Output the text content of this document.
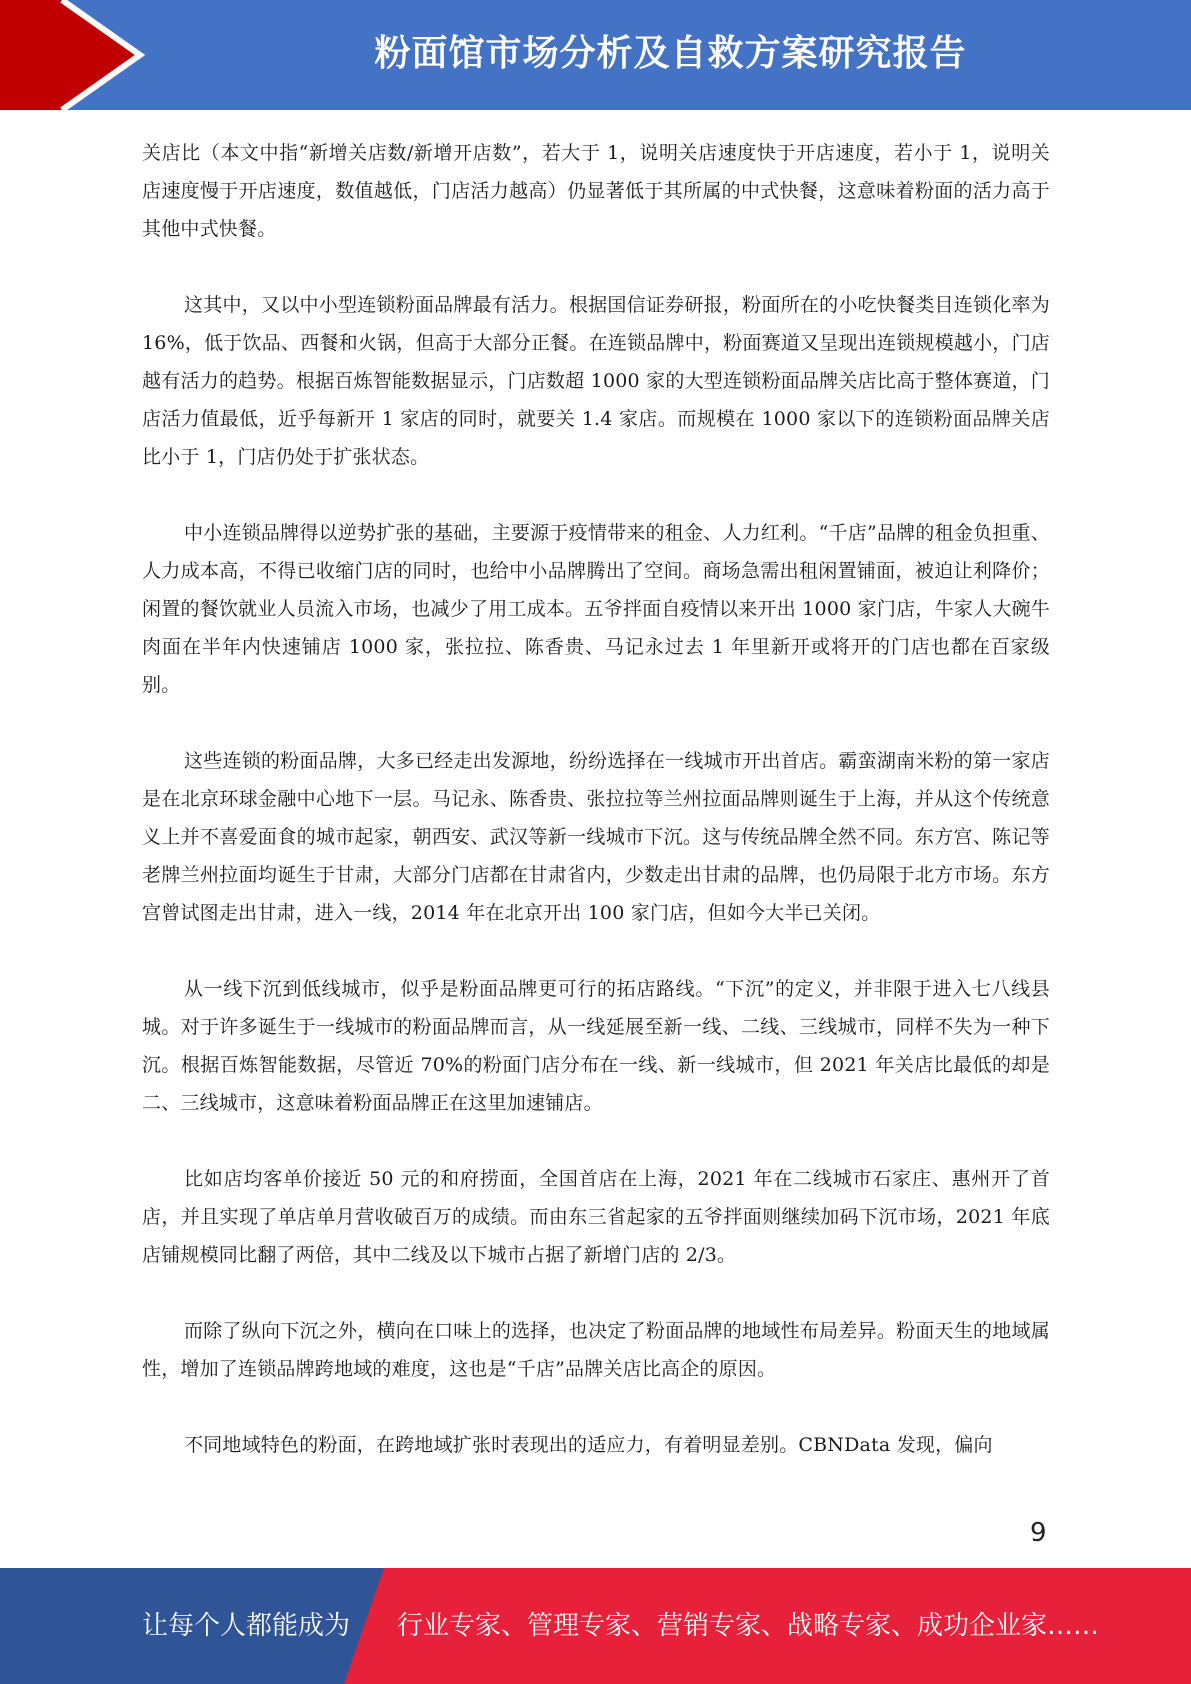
粉面馆市场分析及自救方案研究报告

关店比（本文中指“新增关店数/新增开店数”，若大于 1，说明关店速度快于开店速度，若小于 1，说明关店速度慢于开店速度，数值越低，门店活力越高）仍显著低于其所属的中式快餐，这意味着粉面的活力高于其他中式快餐。

这其中，又以中小型连锁粉面品牌最有活力。根据国信证券研报，粉面所在的小吃快餐类目连锁化率为 16%，低于饮品、西餐和火锅，但高于大部分正餐。在连锁品牌中，粉面赛道又呈现出连锁规模越小，门店越有活力的趋势。根据百炼智能数据显示，门店数超 1000 家的大型连锁粉面品牌关店比高于整体赛道，门店活力值最低，近乎每新开 1 家店的同时，就要关 1.4 家店。而规模在 1000 家以下的连锁粉面品牌关店比小于 1，门店仍处于扩张状态。

中小连锁品牌得以逆势扩张的基础，主要源于疫情带来的租金、人力红利。“千店”品牌的租金负担重、人力成本高，不得已收缩门店的同时，也给中小品牌腾出了空间。商场急需出租闲置铺面，被迫让利降价；闲置的餐饮就业人员流入市场，也减少了用工成本。五爷拌面自疫情以来开出 1000 家门店，牛家人大碗牛肉面在半年内快速铺店 1000 家，张拉拉、陈香贵、马记永过去 1 年里新开或将开的门店也都在百家级别。

这些连锁的粉面品牌，大多已经走出发源地，纷纷选择在一线城市开出首店。霸蛮湖南米粉的第一家店是在北京环球金融中心地下一层。马记永、陈香贵、张拉拉等兰州拉面品牌则诞生于上海，并从这个传统意义上并不喜爱面食的城市起家，朝西安、武汉等新一线城市下沉。这与传统品牌全然不同。东方宫、陈记等老牌兰州拉面均诞生于甘肃，大部分门店都在甘肃省内，少数走出甘肃的品牌，也仍局限于北方市场。东方宫曾试图走出甘肃，进入一线，2014 年在北京开出 100 家门店，但如今大半已关闭。

从一线下沉到低线城市，似乎是粉面品牌更可行的拓店路线。“下沉”的定义，并非限于进入七八线县城。对于许多诞生于一线城市的粉面品牌而言，从一线延展至新一线、二线、三线城市，同样不失为一种下沉。根据百炼智能数据，尽管近 70%的粉面门店分布在一线、新一线城市，但 2021 年关店比最低的却是二、三线城市，这意味着粉面品牌正在这里加速铺店。

比如店均客单价接近 50 元的和府捞面，全国首店在上海，2021 年在二线城市石家庄、惠州开了首店，并且实现了单店单月营收破百万的成绩。而由东三省起家的五爷拌面则继续加码下沉市场，2021 年底店铺规模同比翻了两倍，其中二线及以下城市占据了新增门店的 2/3。

而除了纵向下沉之外，横向在口味上的选择，也决定了粉面品牌的地域性布局差异。粉面天生的地域属性，增加了连锁品牌跨地域的难度，这也是“千店”品牌关店比高企的原因。

不同地域特色的粉面，在跨地域扩张时表现出的适应力，有着明显差别。CBNData 发现，偏向

9
让每个人都能成为 行业专家、管理专家、营销专家、战略专家、成功企业家……
